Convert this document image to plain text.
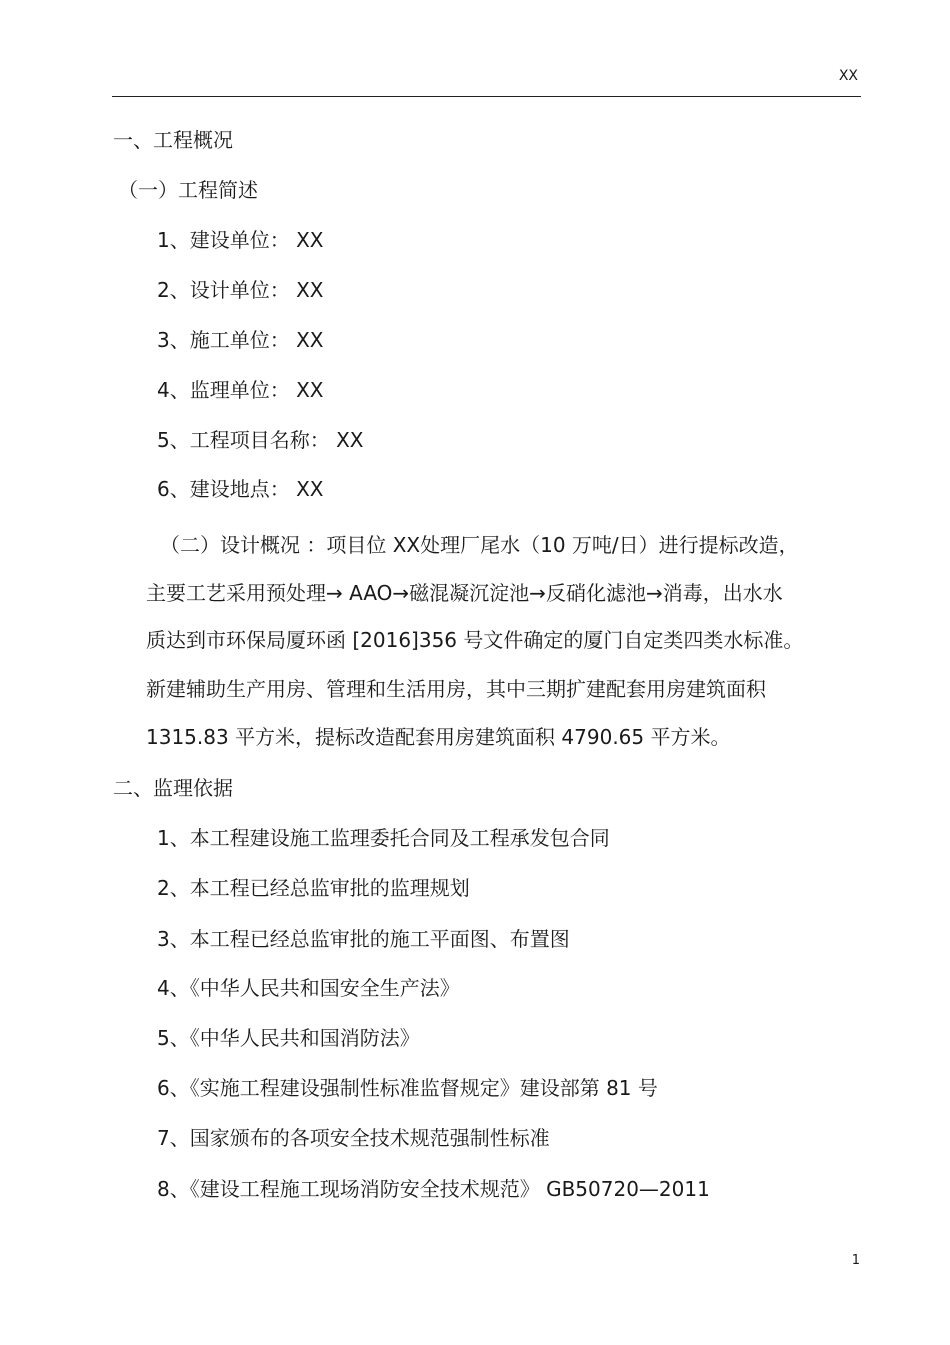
XX
一、工程概况
（一）工程简述
1、建设单位： XX
2、设计单位： XX
3、施工单位： XX
4、监理单位： XX
5、工程项目名称： XX
6、建设地点： XX
（二）设计概况 ：项目位 XX处理厂尾水（10 万吨/日）进行提标改造，
主要工艺采用预处理→ AAO→磁混凝沉淀池→反硝化滤池→消毒，出水水
质达到市环保局厦环函 [2016]356 号文件确定的厦门自定类四类水标准。
新建辅助生产用房、管理和生活用房，其中三期扩建配套用房建筑面积
1315.83 平方米，提标改造配套用房建筑面积 4790.65 平方米。
二、监理依据
1、本工程建设施工监理委托合同及工程承发包合同
2、本工程已经总监审批的监理规划
3、本工程已经总监审批的施工平面图、布置图
4、《中华人民共和国安全生产法》
5、《中华人民共和国消防法》
6、《实施工程建设强制性标准监督规定》建设部第 81 号
7、国家颁布的各项安全技术规范强制性标准
8、《建设工程施工现场消防安全技术规范》 GB50720—2011
1
